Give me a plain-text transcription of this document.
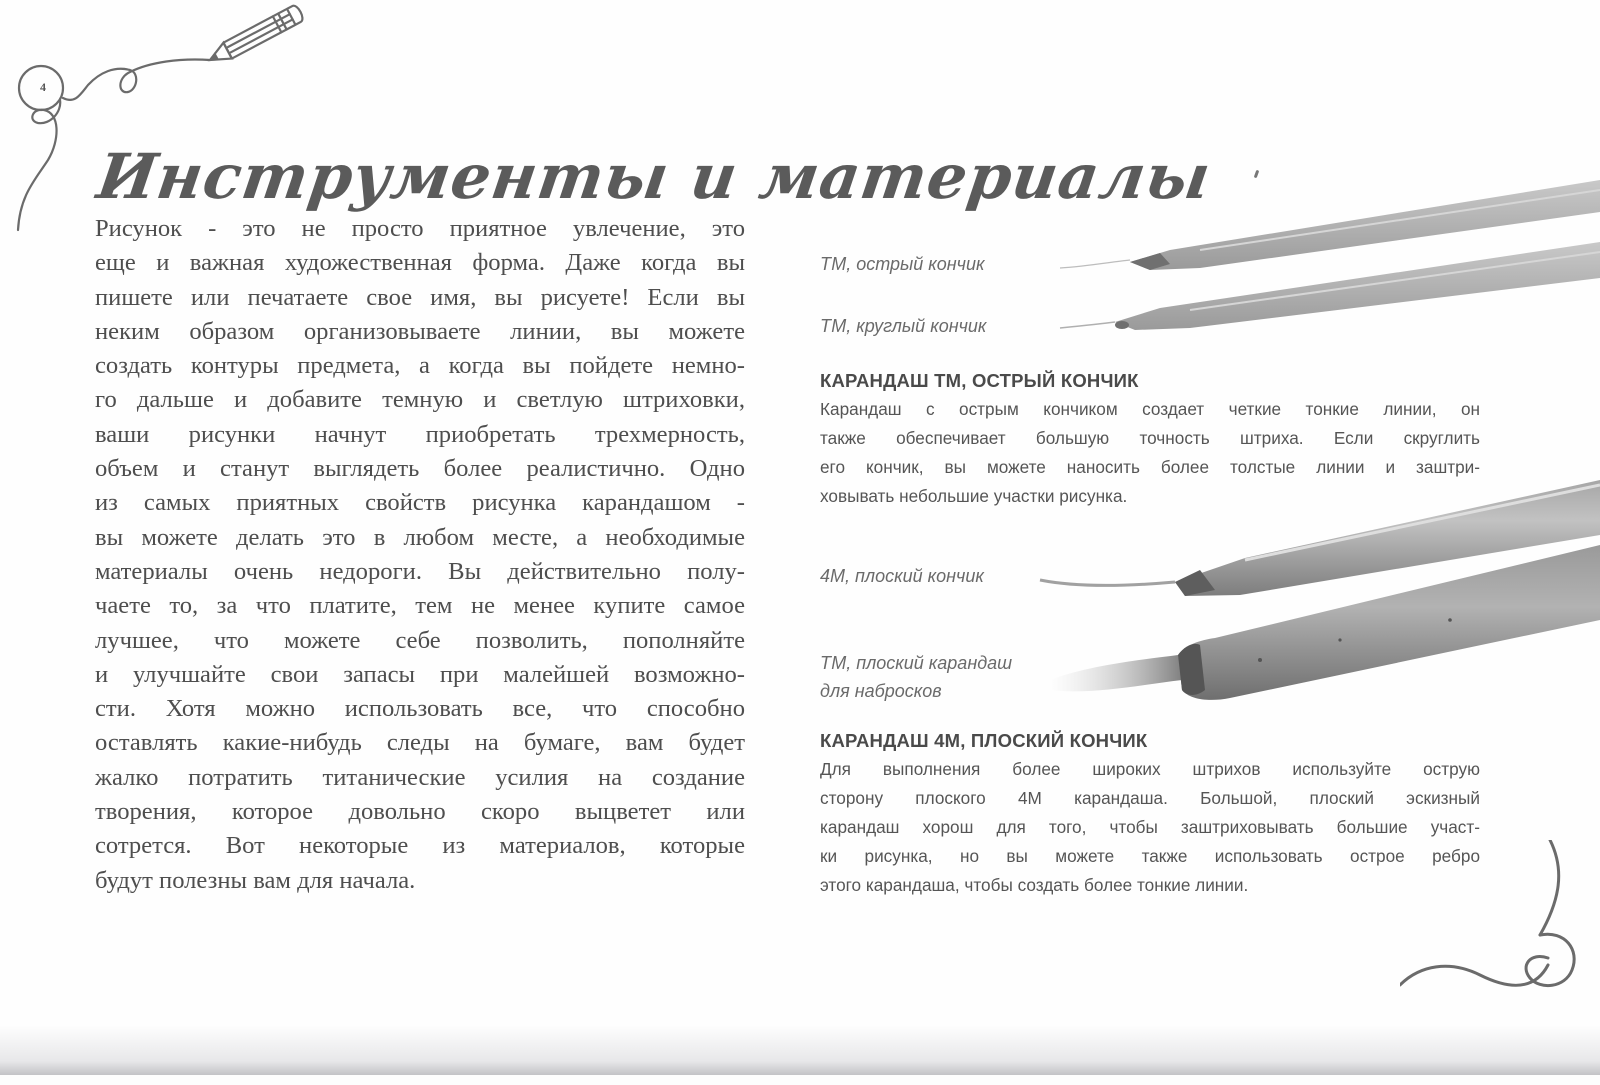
4
Инструменты и материалы
Рисунок - это не просто приятное увлечение, это
еще и важная художественная форма. Даже когда вы
пишете или печатаете свое имя, вы рисуете! Если вы
неким образом организовываете линии, вы можете
создать контуры предмета, а когда вы пойдете немно-
го дальше и добавите темную и светлую штриховки,
ваши рисунки начнут приобретать трехмерность,
объем и станут выглядеть более реалистично. Одно
из самых приятных свойств рисунка карандашом -
вы можете делать это в любом месте, а необходимые
материалы очень недороги. Вы действительно полу-
чаете то, за что платите, тем не менее купите самое
лучшее, что можете себе позволить, пополняйте
и улучшайте свои запасы при малейшей возможно-
сти. Хотя можно использовать все, что способно
оставлять какие-нибудь следы на бумаге, вам будет
жалко потратить титанические усилия на создание
творения, которое довольно скоро выцветет или
сотрется. Вот некоторые из материалов, которые
будут полезны вам для начала.
ТМ, острый кончик
ТМ, круглый кончик
4М, плоский кончик
ТМ, плоский карандаш
для набросков
КАРАНДАШ ТМ, ОСТРЫЙ КОНЧИК
Карандаш с острым кончиком создает четкие тонкие линии, он
также обеспечивает большую точность штриха. Если скруглить
его кончик, вы можете наносить более толстые линии и заштри-
ховывать небольшие участки рисунка.
КАРАНДАШ 4М, ПЛОСКИЙ КОНЧИК
Для выполнения более широких штрихов используйте острую
сторону плоского 4М карандаша. Большой, плоский эскизный
карандаш хорош для того, чтобы заштриховывать большие участ-
ки рисунка, но вы можете также использовать острое ребро
этого карандаша, чтобы создать более тонкие линии.
